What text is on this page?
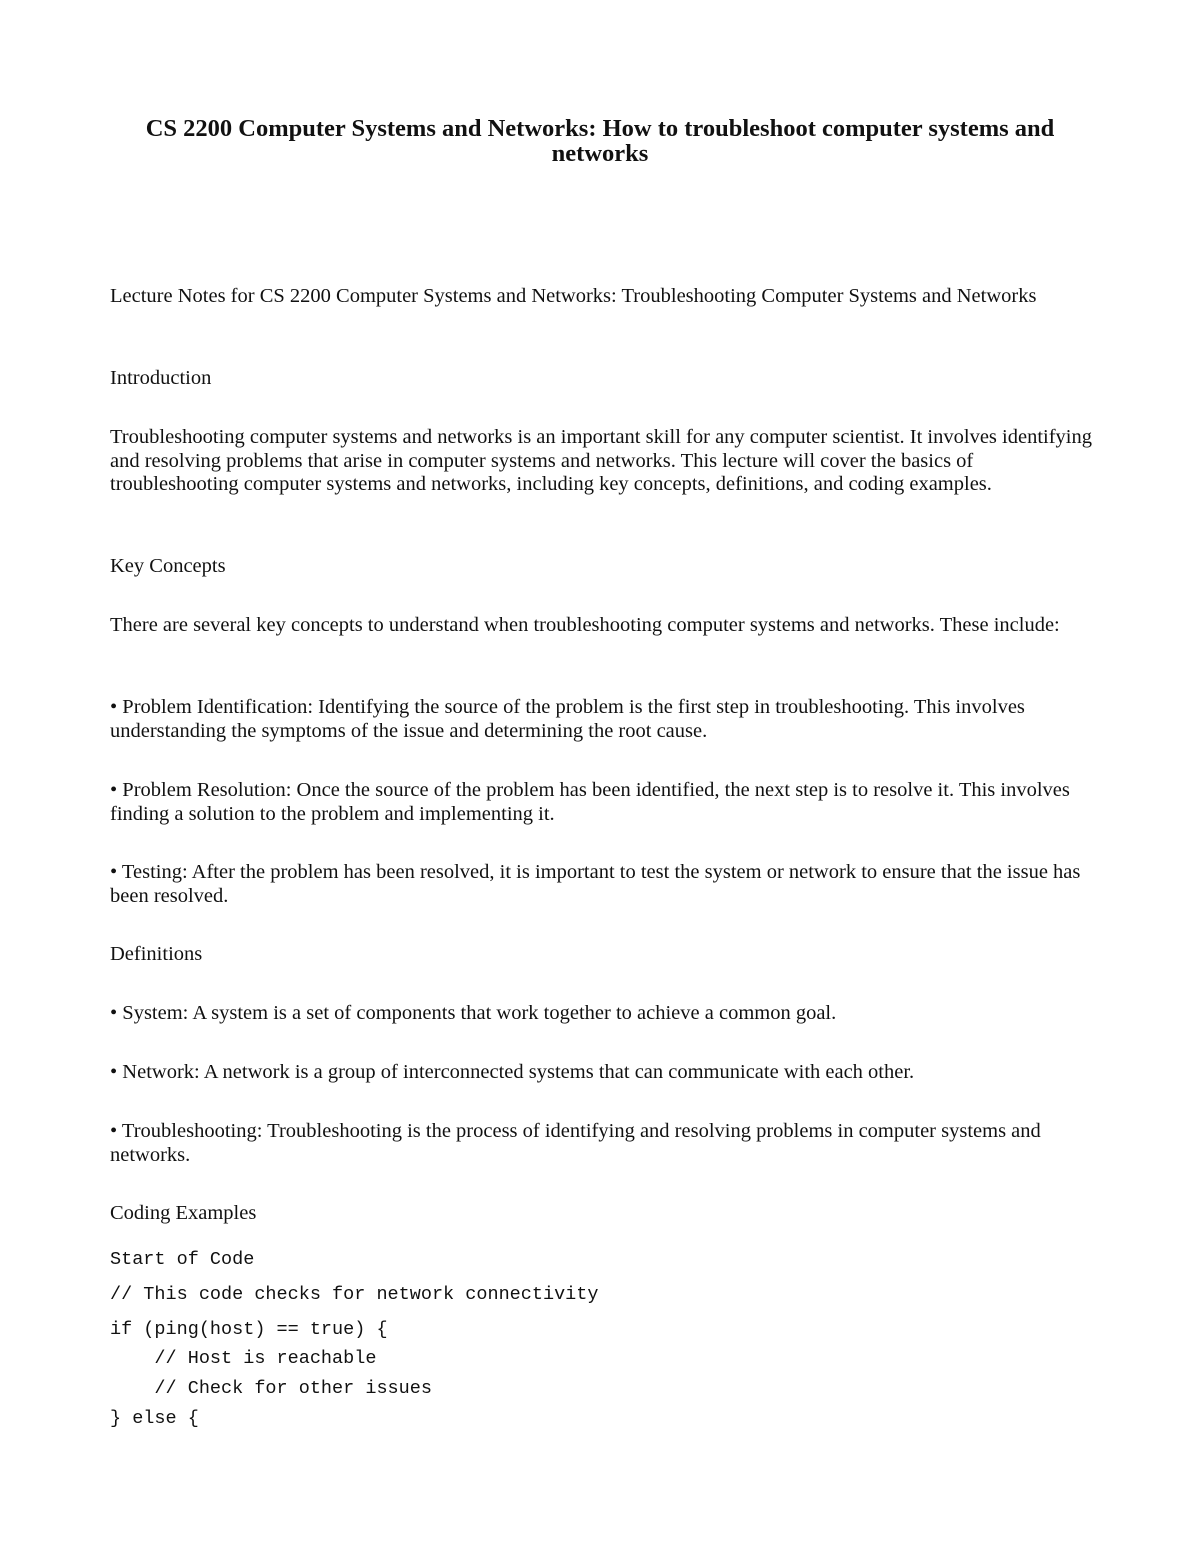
CS 2200 Computer Systems and Networks: How to troubleshoot computer systems and networks

Lecture Notes for CS 2200 Computer Systems and Networks: Troubleshooting Computer Systems and Networks

Introduction

Troubleshooting computer systems and networks is an important skill for any computer scientist. It involves identifying and resolving problems that arise in computer systems and networks. This lecture will cover the basics of troubleshooting computer systems and networks, including key concepts, definitions, and coding examples.

Key Concepts

There are several key concepts to understand when troubleshooting computer systems and networks. These include:

• Problem Identification: Identifying the source of the problem is the first step in troubleshooting. This involves understanding the symptoms of the issue and determining the root cause.

• Problem Resolution: Once the source of the problem has been identified, the next step is to resolve it. This involves finding a solution to the problem and implementing it.

• Testing: After the problem has been resolved, it is important to test the system or network to ensure that the issue has been resolved.

Definitions

• System: A system is a set of components that work together to achieve a common goal.

• Network: A network is a group of interconnected systems that can communicate with each other.

• Troubleshooting: Troubleshooting is the process of identifying and resolving problems in computer systems and networks.

Coding Examples

Start of Code
// This code checks for network connectivity
if (ping(host) == true) {
// Host is reachable
// Check for other issues
} else {
